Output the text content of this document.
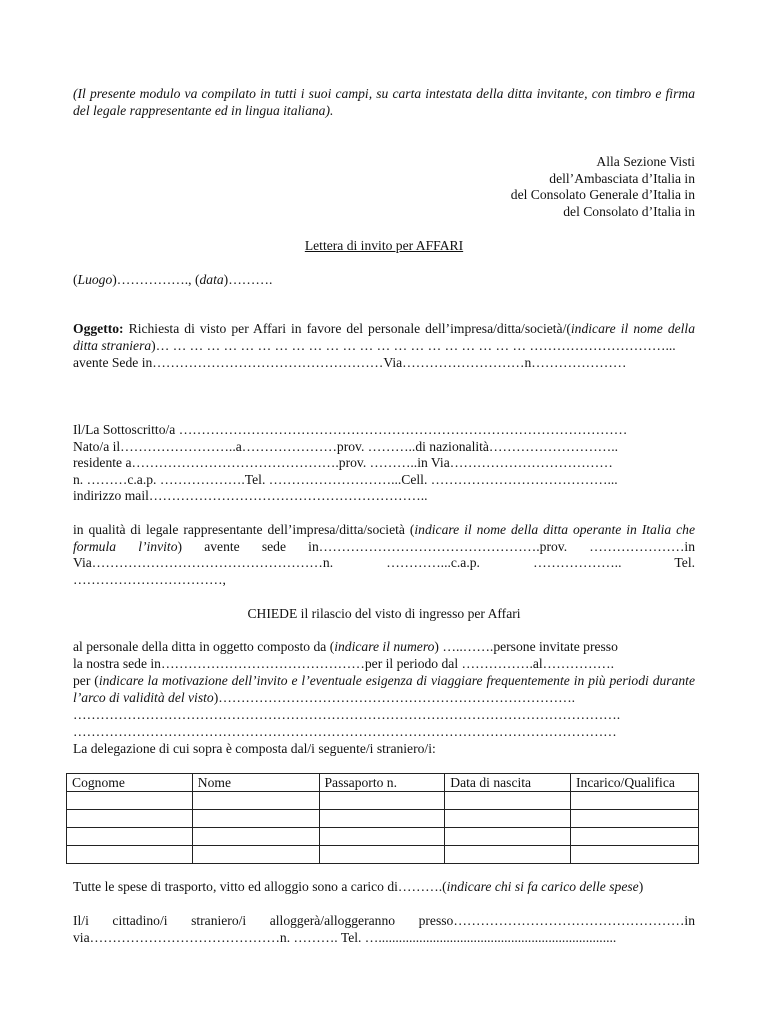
(Il presente modulo va compilato in tutti i suoi campi, su carta intestata della ditta invitante, con timbro e firma del legale rappresentante ed in lingua italiana).
Alla Sezione Visti
dell’Ambasciata d’Italia in
del Consolato Generale d’Italia in
del Consolato d’Italia in
Lettera di invito per AFFARI
(Luogo)……………., (data)……….
Oggetto: Richiesta di visto per Affari in favore del personale dell’impresa/ditta/società/(indicare il nome della ditta straniera)… … … … … … … … … … … … … … … … … … … … … … …………………………...
avente Sede in……………………………………………Via………………………n…………………
Il/La Sottoscritto/a ………………………………………………………………………………………
Nato/a il……………………..a…………………prov. ………..di nazionalità………………………..
residente a……………………………………….prov. ………..in Via………………………………
n. ………c.a.p. ……………….Tel. ………………………...Cell. …………………………………...
indirizzo mail……………………………………………………..
in qualità di legale rappresentante dell’impresa/ditta/società (indicare il nome della ditta operante in Italia che formula l’invito) avente sede in………………………………………….prov. …………………in Via……………………………………………n. …………...c.a.p. ……………….. Tel. ……………………………,
CHIEDE il rilascio del visto di ingresso per Affari
al personale della ditta in oggetto composto da (indicare il numero) …..…….persone invitate presso
la nostra sede in………………………………………per il periodo dal …………….al…………….
per (indicare la motivazione dell’invito e l’eventuale esigenza di viaggiare frequentemente in più periodi durante l’arco di validità del visto)…………………………………………………………………….
………………………………………………………………………………………………………….
…………………………………………………………………………………………………………
La delegazione di cui sopra è composta dal/i seguente/i straniero/i:
Cognome	Nome	Passaporto n.	Data di nascita	Incarico/Qualifica

Tutte le spese di trasporto, vitto ed alloggio sono a carico di……….(indicare chi si fa carico delle spese)
Il/i cittadino/i straniero/i alloggerà/alloggeranno presso……………………………………………in via……………………………………n. ………. Tel. …......................................................................
